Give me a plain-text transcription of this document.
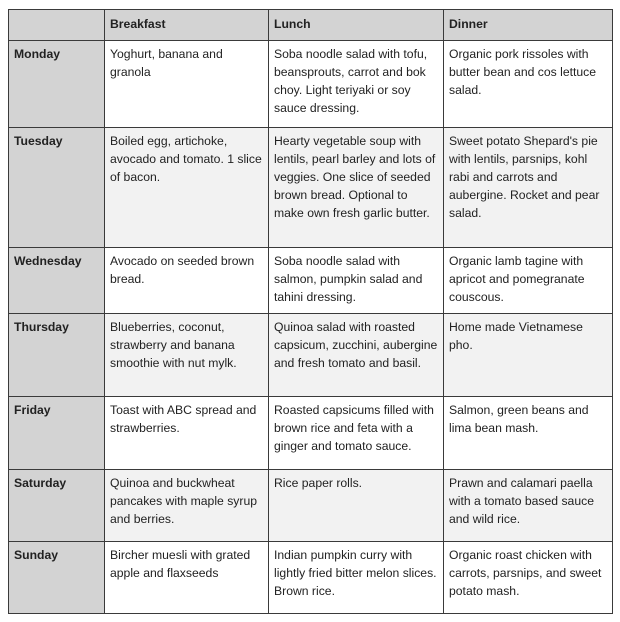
	Breakfast	Lunch	Dinner
Monday	Yoghurt, banana and granola	Soba noodle salad with tofu, beansprouts, carrot and bok choy. Light teriyaki or soy sauce dressing.	Organic pork rissoles with butter bean and cos lettuce salad.
Tuesday	Boiled egg, artichoke, avocado and tomato. 1 slice of bacon.	Hearty vegetable soup with lentils, pearl barley and lots of veggies. One slice of seeded brown bread. Optional to make own fresh garlic butter.	Sweet potato Shepard's pie with lentils, parsnips, kohl rabi and carrots and aubergine. Rocket and pear salad.
Wednesday	Avocado on seeded brown bread.	Soba noodle salad with salmon, pumpkin salad and tahini dressing.	Organic lamb tagine with apricot and pomegranate couscous.
Thursday	Blueberries, coconut, strawberry and banana smoothie with nut mylk.	Quinoa salad with roasted capsicum, zucchini, aubergine and fresh tomato and basil.	Home made Vietnamese pho.
Friday	Toast with ABC spread and strawberries.	Roasted capsicums filled with brown rice and feta with a ginger and tomato sauce.	Salmon, green beans and lima bean mash.
Saturday	Quinoa and buckwheat pancakes with maple syrup and berries.	Rice paper rolls.	Prawn and calamari paella with a tomato based sauce and wild rice.
Sunday	Bircher muesli with grated apple and flaxseeds	Indian pumpkin curry with lightly fried bitter melon slices. Brown rice.	Organic roast chicken with carrots, parsnips, and sweet potato mash.
